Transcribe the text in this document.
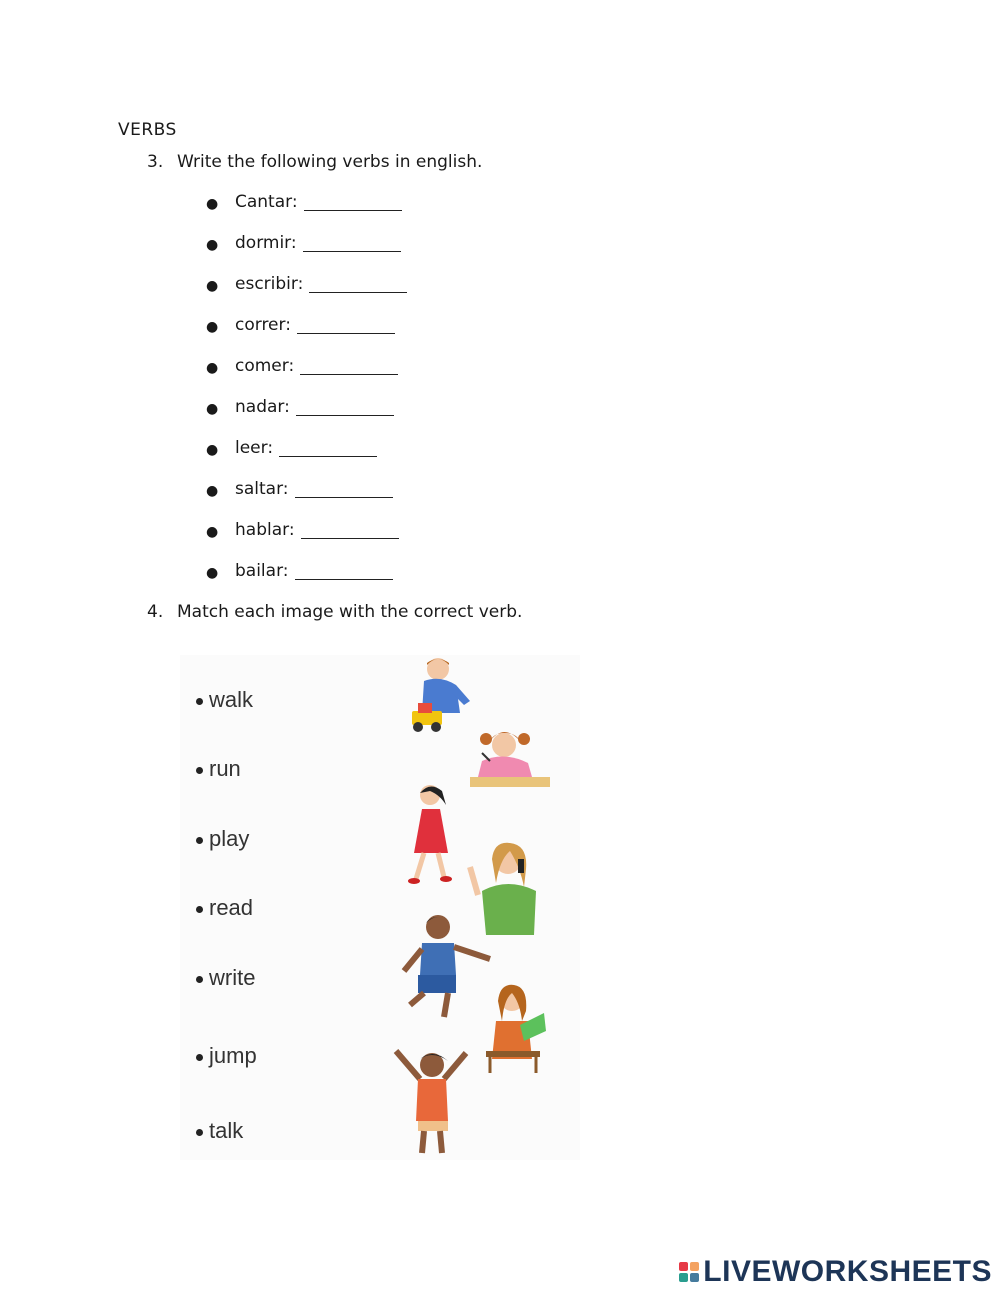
VERBS
3. Write the following verbs in english.
● Cantar:
● dormir:
● escribir:
● correr:
● comer:
● nadar:
● leer:
● saltar:
● hablar:
● bailar:
4. Match each image with the correct verb.
walk
run
play
read
write
jump
talk
LIVEWORKSHEETS
